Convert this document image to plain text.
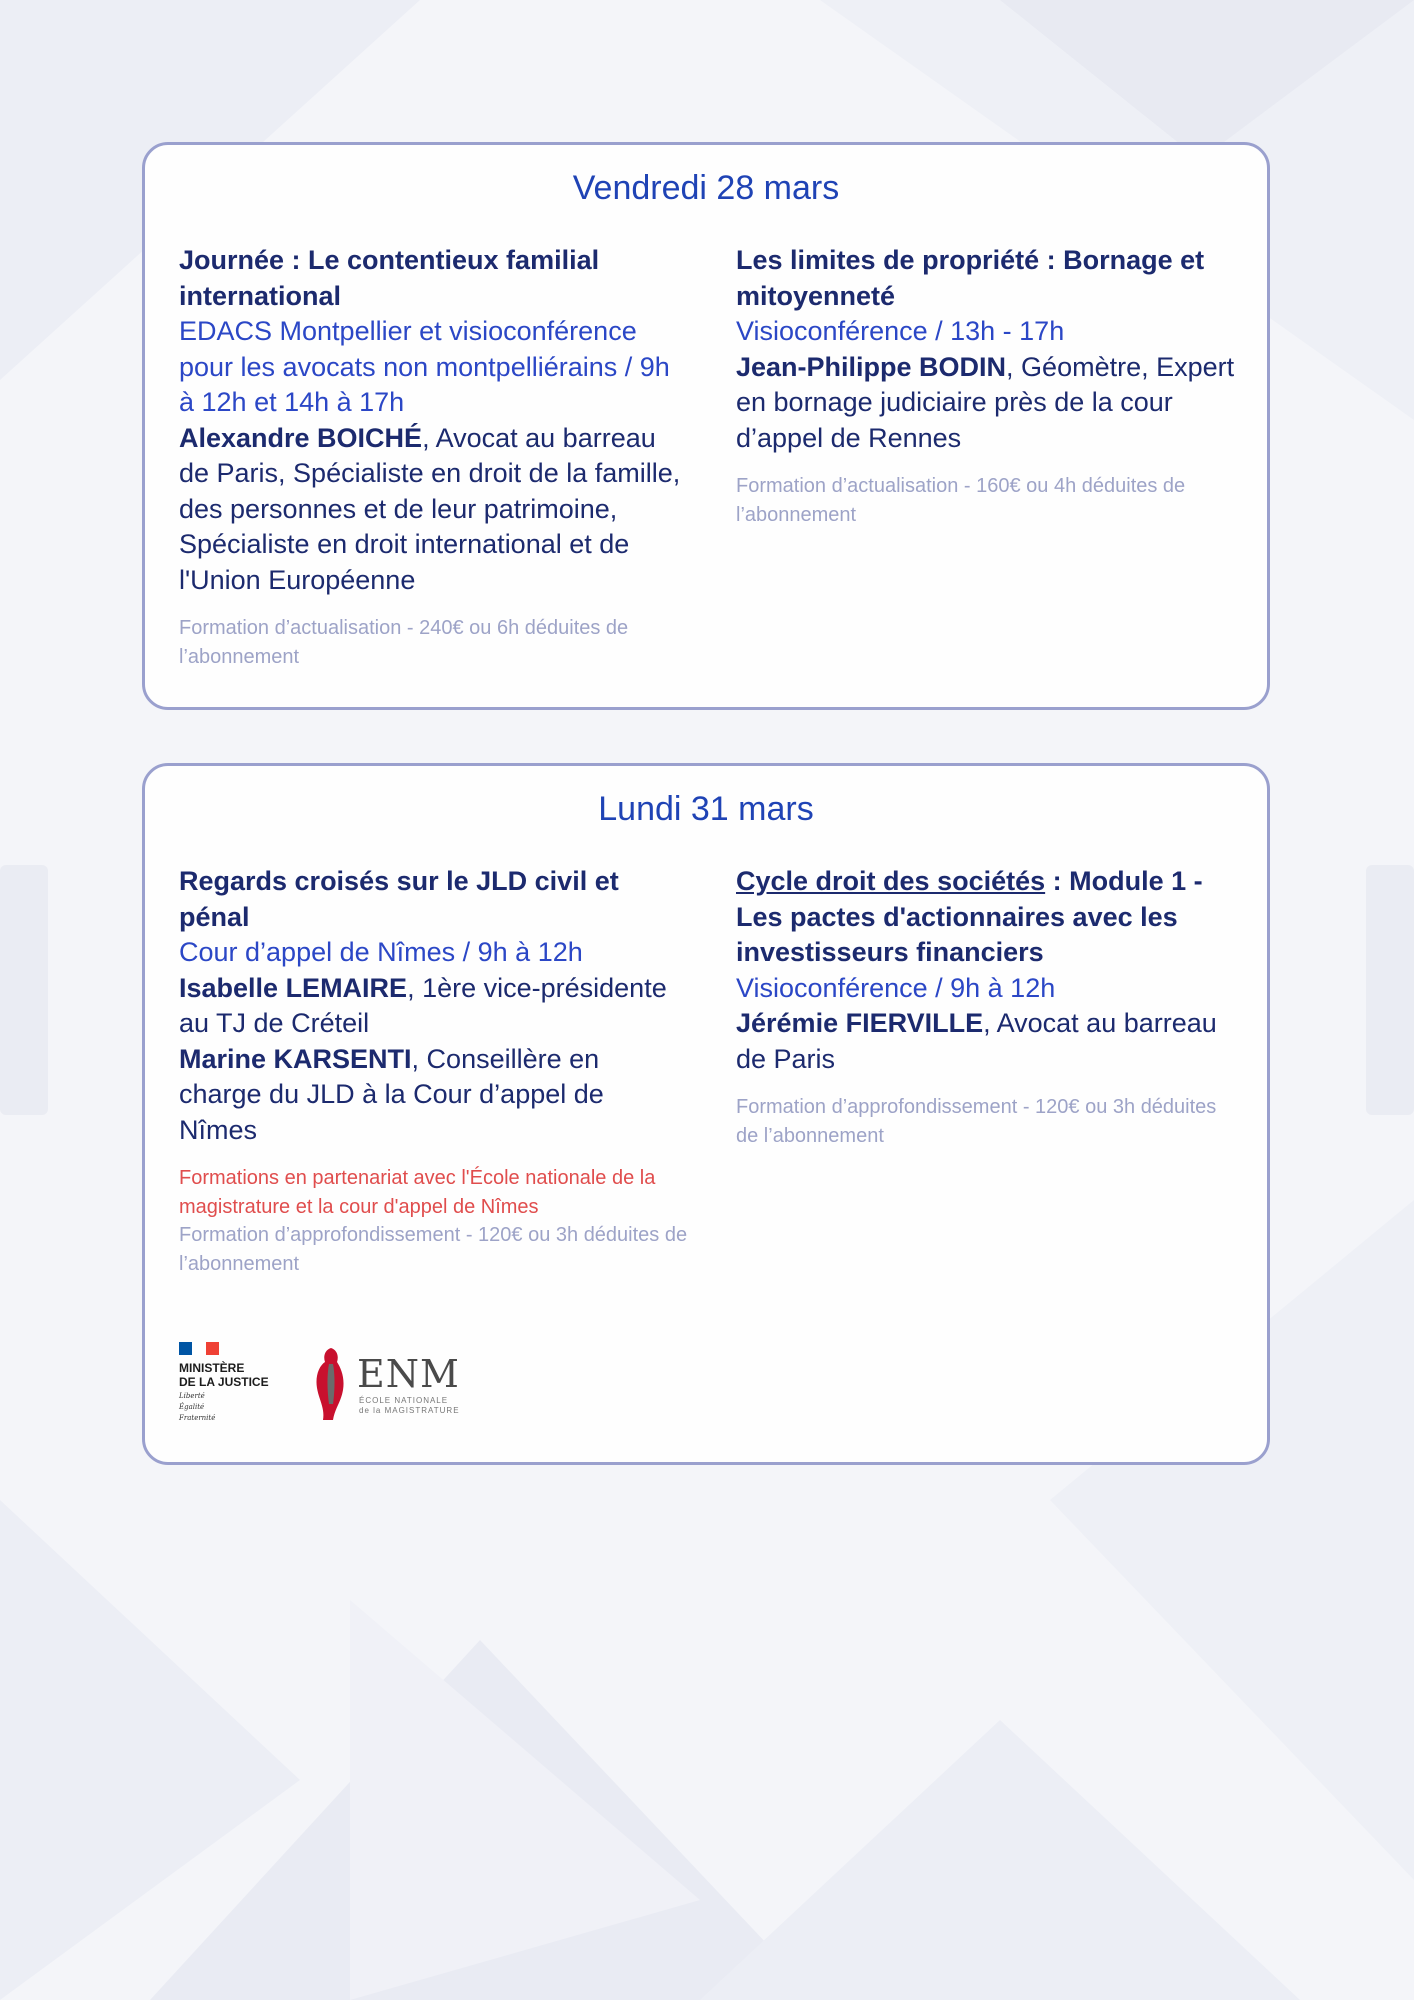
Vendredi 28 mars
Journée : Le contentieux familial international
EDACS Montpellier et visioconférence pour les avocats non montpelliérains / 9h à 12h et 14h à 17h
Alexandre BOICHÉ, Avocat au barreau de Paris, Spécialiste en droit de la famille, des personnes et de leur patrimoine, Spécialiste en droit international et de l'Union Européenne
Formation d’actualisation - 240€ ou 6h déduites de l’abonnement
Les limites de propriété : Bornage et mitoyenneté
Visioconférence / 13h - 17h
Jean-Philippe BODIN, Géomètre, Expert en bornage judiciaire près de la cour d’appel de Rennes
Formation d’actualisation - 160€ ou 4h déduites de l’abonnement
Lundi 31 mars
Regards croisés sur le JLD civil et pénal
Cour d’appel de Nîmes / 9h à 12h
Isabelle LEMAIRE, 1ère vice-présidente au TJ de Créteil
Marine KARSENTI, Conseillère en charge du JLD à la Cour d’appel de Nîmes
Formations en partenariat avec l'École nationale de la magistrature et la cour d'appel de Nîmes
Formation d’approfondissement - 120€ ou 3h déduites de l’abonnement
Cycle droit des sociétés : Module 1 - Les pactes d'actionnaires avec les investisseurs financiers
Visioconférence / 9h à 12h
Jérémie FIERVILLE, Avocat au barreau de Paris
Formation d’approfondissement - 120€ ou 3h déduites de l’abonnement
MINISTÈRE
DE LA JUSTICE
Liberté
Égalité
Fraternité
ENM
ÉCOLE NATIONALE
de la MAGISTRATURE
